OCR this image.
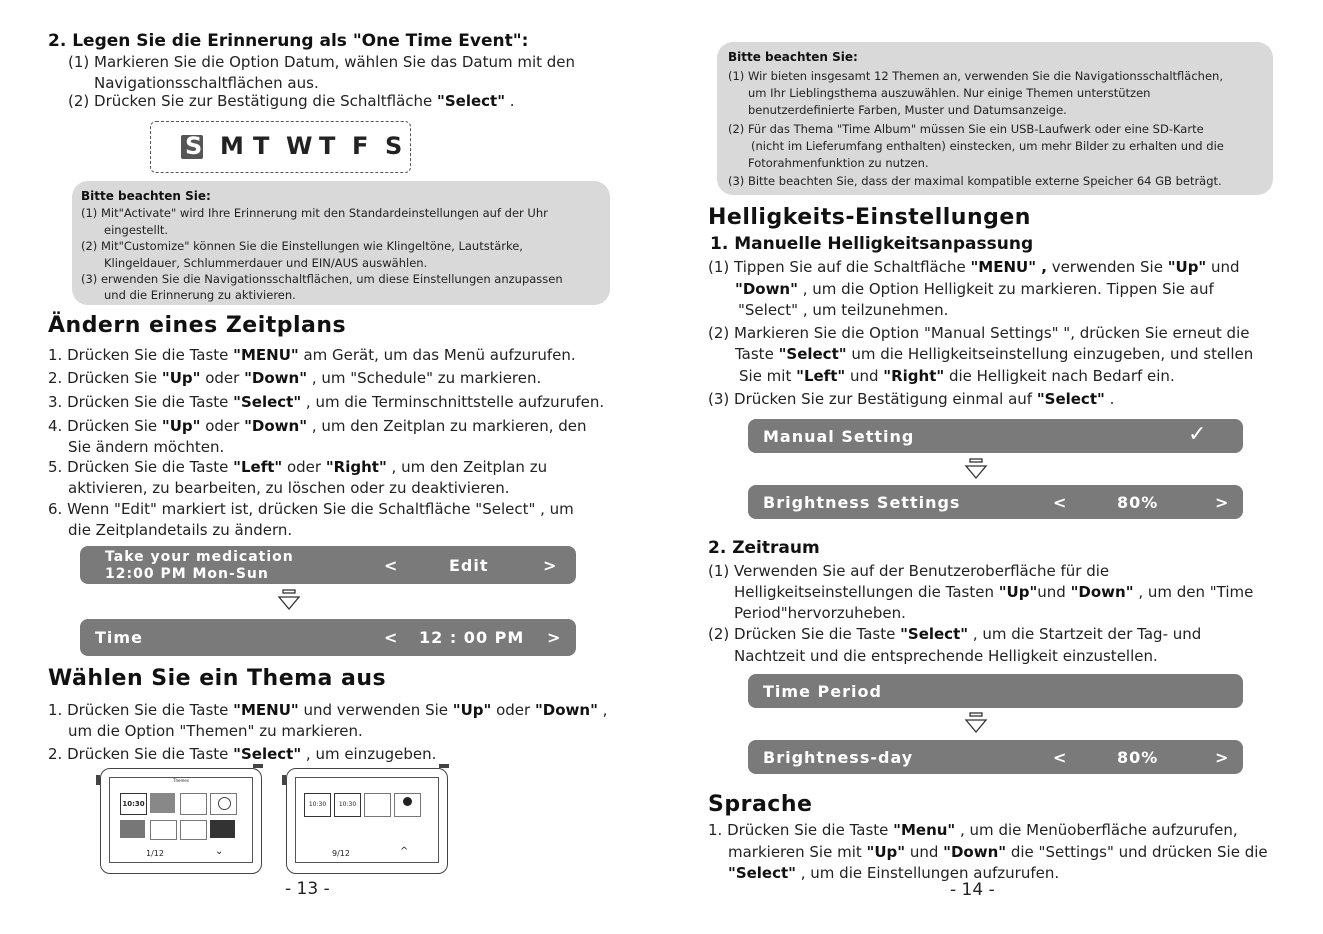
2. Legen Sie die Erinnerung als "One Time Event":
(1) Markieren Sie die Option Datum, wählen Sie das Datum mit den
Navigationsschaltflächen aus.
(2) Drücken Sie zur Bestätigung die Schaltfläche "Select" .
S M T W T F S
Bitte beachten Sie:
(1) Mit"Activate" wird Ihre Erinnerung mit den Standardeinstellungen auf der Uhr
eingestellt.
(2) Mit"Customize" können Sie die Einstellungen wie Klingeltöne, Lautstärke,
Klingeldauer, Schlummerdauer und EIN/AUS auswählen.
(3) erwenden Sie die Navigationsschaltflächen, um diese Einstellungen anzupassen
und die Erinnerung zu aktivieren.
Ändern eines Zeitplans
1. Drücken Sie die Taste "MENU" am Gerät, um das Menü aufzurufen.
2. Drücken Sie "Up" oder "Down" , um "Schedule" zu markieren.
3. Drücken Sie die Taste "Select" , um die Terminschnittstelle aufzurufen.
4. Drücken Sie "Up" oder "Down" , um den Zeitplan zu markieren, den
Sie ändern möchten.
5. Drücken Sie die Taste "Left" oder "Right" , um den Zeitplan zu
aktivieren, zu bearbeiten, zu löschen oder zu deaktivieren.
6. Wenn "Edit" markiert ist, drücken Sie die Schaltfläche "Select" , um
die Zeitplandetails zu ändern.
Take your medication
12:00 PM Mon-Sun	<	Edit	>
Time	< 12 : 00 PM >
Wählen Sie ein Thema aus
1. Drücken Sie die Taste "MENU" und verwenden Sie "Up" oder "Down" ,
um die Option "Themen" zu markieren.
2. Drücken Sie die Taste "Select" , um einzugeben.
Themes
10:30
1/12	⌄
10:30	10:30
9/12	^
- 13 -
Bitte beachten Sie:
(1) Wir bieten insgesamt 12 Themen an, verwenden Sie die Navigationsschaltflächen,
um Ihr Lieblingsthema auszuwählen. Nur einige Themen unterstützen
benutzerdefinierte Farben, Muster und Datumsanzeige.
(2) Für das Thema "Time Album" müssen Sie ein USB-Laufwerk oder eine SD-Karte
(nicht im Lieferumfang enthalten) einstecken, um mehr Bilder zu erhalten und die
Fotorahmenfunktion zu nutzen.
(3) Bitte beachten Sie, dass der maximal kompatible externe Speicher 64 GB beträgt.
Helligkeits-Einstellungen
1. Manuelle Helligkeitsanpassung
(1) Tippen Sie auf die Schaltfläche "MENU" , verwenden Sie "Up" und
"Down" , um die Option Helligkeit zu markieren. Tippen Sie auf
"Select" , um teilzunehmen.
(2) Markieren Sie die Option "Manual Settings" ", drücken Sie erneut die
Taste "Select" um die Helligkeitseinstellung einzugeben, und stellen
Sie mit "Left" und "Right" die Helligkeit nach Bedarf ein.
(3) Drücken Sie zur Bestätigung einmal auf "Select" .
Manual Setting	✓
Brightness Settings	<	80%	>
2. Zeitraum
(1) Verwenden Sie auf der Benutzeroberfläche für die
Helligkeitseinstellungen die Tasten "Up"und "Down" , um den "Time
Period"hervorzuheben.
(2) Drücken Sie die Taste "Select" , um die Startzeit der Tag- und
Nachtzeit und die entsprechende Helligkeit einzustellen.
Time Period
Brightness-day	<	80%	>
Sprache
1. Drücken Sie die Taste "Menu" , um die Menüoberfläche aufzurufen,
markieren Sie mit "Up" und "Down" die "Settings" und drücken Sie die
"Select" , um die Einstellungen aufzurufen.
- 14 -
